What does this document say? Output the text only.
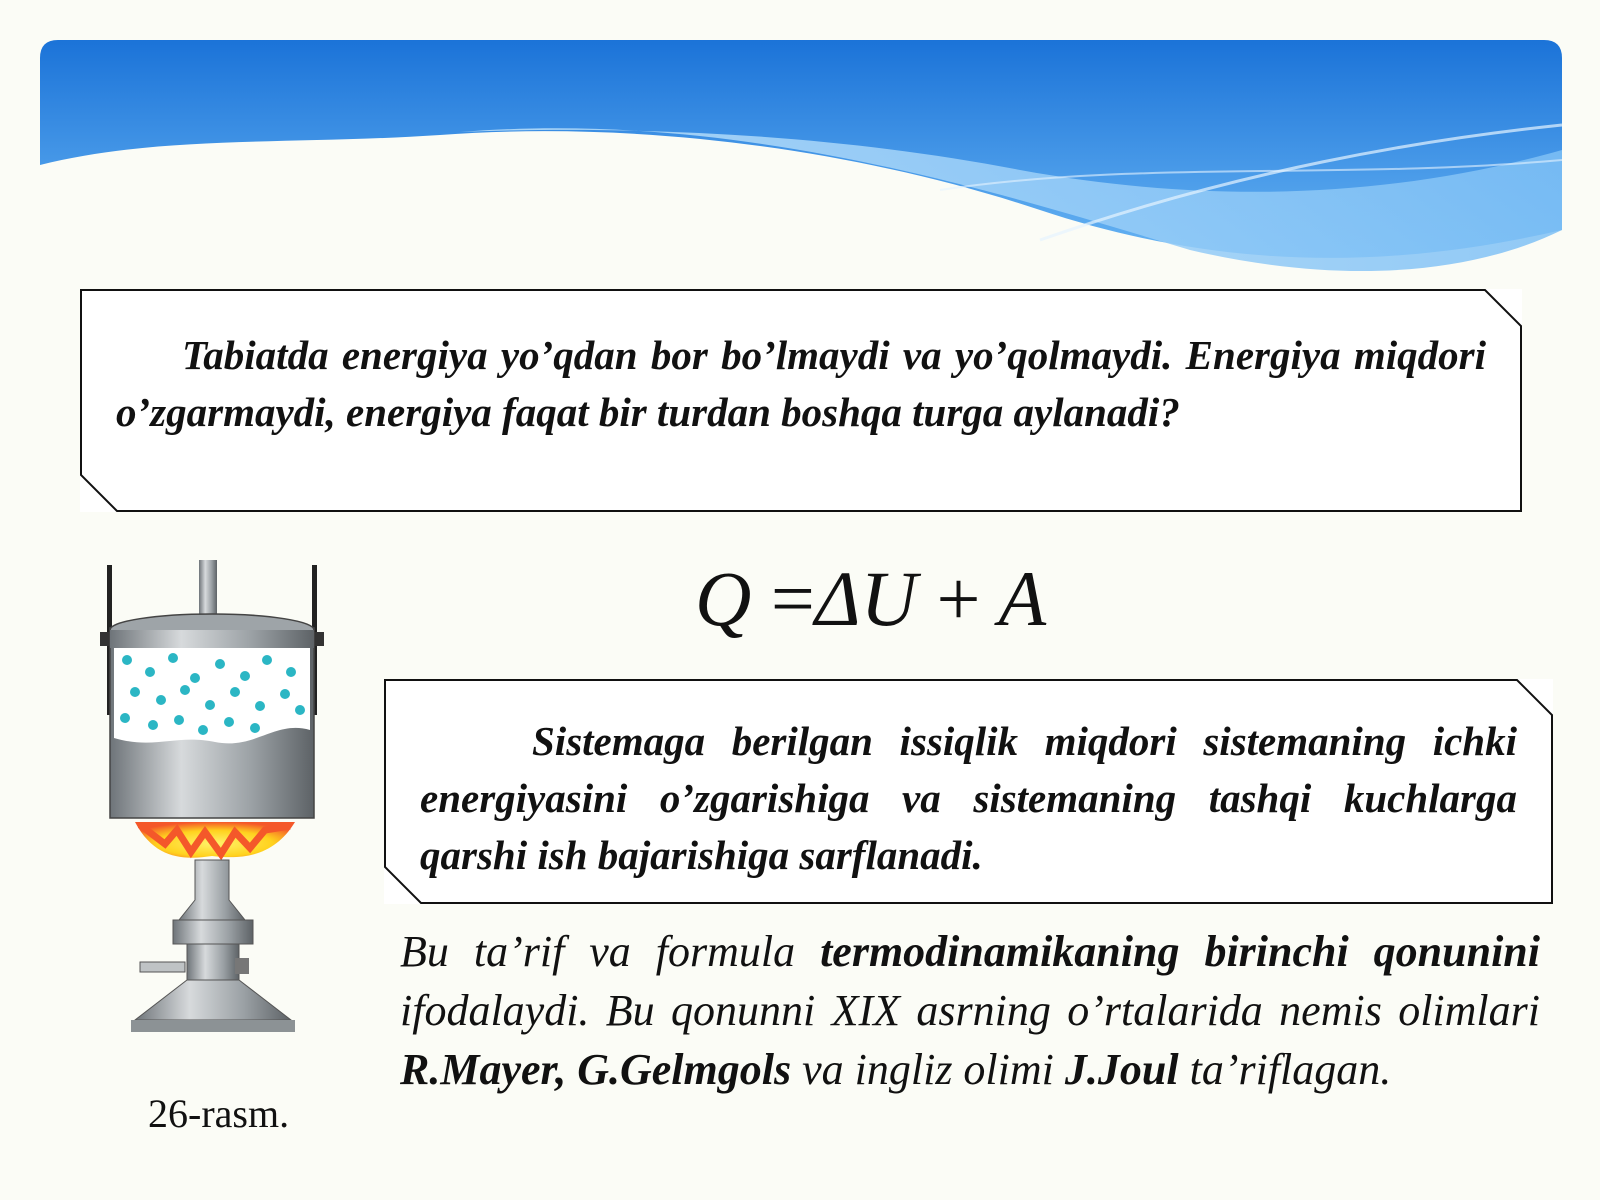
Tabiatda energiya yo’qdan bor bo’lmaydi va yo’qolmaydi. Energiya miqdori o’zgarmaydi, energiya faqat bir turdan boshqa turga aylanadi?
Q =ΔU + A
Sistemaga berilgan issiqlik miqdori sistemaning ichki energiyasini o’zgarishiga va sistemaning tashqi kuchlarga qarshi ish bajarishiga sarflanadi.
26-rasm.
Bu ta’rif va formula termodinamikaning birinchi qonunini ifodalaydi. Bu qonunni XIX asrning o’rtalarida nemis olimlari R.Mayer, G.Gelmgols va ingliz olimi J.Joul ta’riflagan.
